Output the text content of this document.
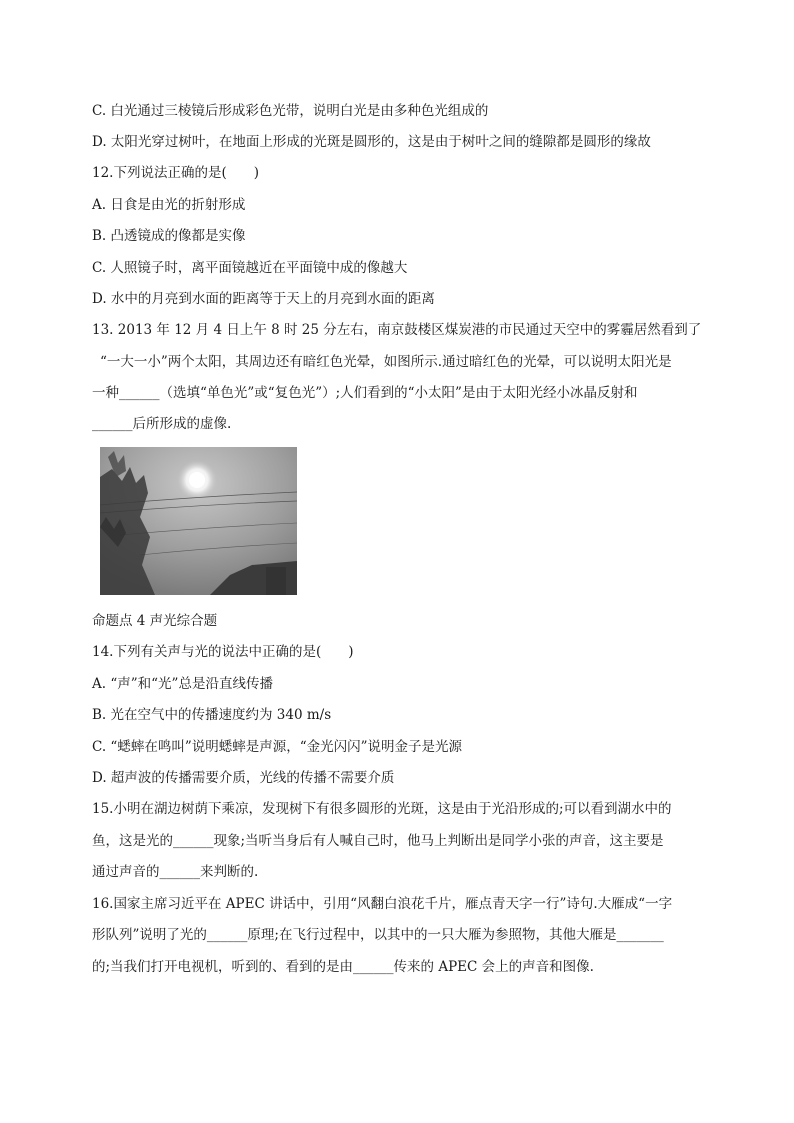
C. 白光通过三棱镜后形成彩色光带，说明白光是由多种色光组成的
D. 太阳光穿过树叶，在地面上形成的光斑是圆形的，这是由于树叶之间的缝隙都是圆形的缘故
12.下列说法正确的是(　　)
A. 日食是由光的折射形成
B. 凸透镜成的像都是实像
C. 人照镜子时，离平面镜越近在平面镜中成的像越大
D. 水中的月亮到水面的距离等于天上的月亮到水面的距离
13. 2013 年 12 月 4 日上午 8 时 25 分左右，南京鼓楼区煤炭港的市民通过天空中的雾霾居然看到了
“一大一小”两个太阳，其周边还有暗红色光晕，如图所示.通过暗红色的光晕，可以说明太阳光是
一种______（选填“单色光”或“复色光”）;人们看到的“小太阳”是由于太阳光经小冰晶反射和
______后所形成的虚像.
命题点 4 声光综合题
14.下列有关声与光的说法中正确的是(　　)
A. “声”和“光”总是沿直线传播
B. 光在空气中的传播速度约为 340 m/s
C. “蟋蟀在鸣叫”说明蟋蟀是声源，“金光闪闪”说明金子是光源
D. 超声波的传播需要介质，光线的传播不需要介质
15.小明在湖边树荫下乘凉，发现树下有很多圆形的光斑，这是由于光沿形成的;可以看到湖水中的
鱼，这是光的______现象;当听当身后有人喊自己时，他马上判断出是同学小张的声音，这主要是
通过声音的______来判断的.
16.国家主席习近平在 APEC 讲话中，引用“风翻白浪花千片，雁点青天字一行”诗句.大雁成“一字
形队列”说明了光的______原理;在飞行过程中，以其中的一只大雁为参照物，其他大雁是_______
的;当我们打开电视机，听到的、看到的是由______传来的 APEC 会上的声音和图像.
